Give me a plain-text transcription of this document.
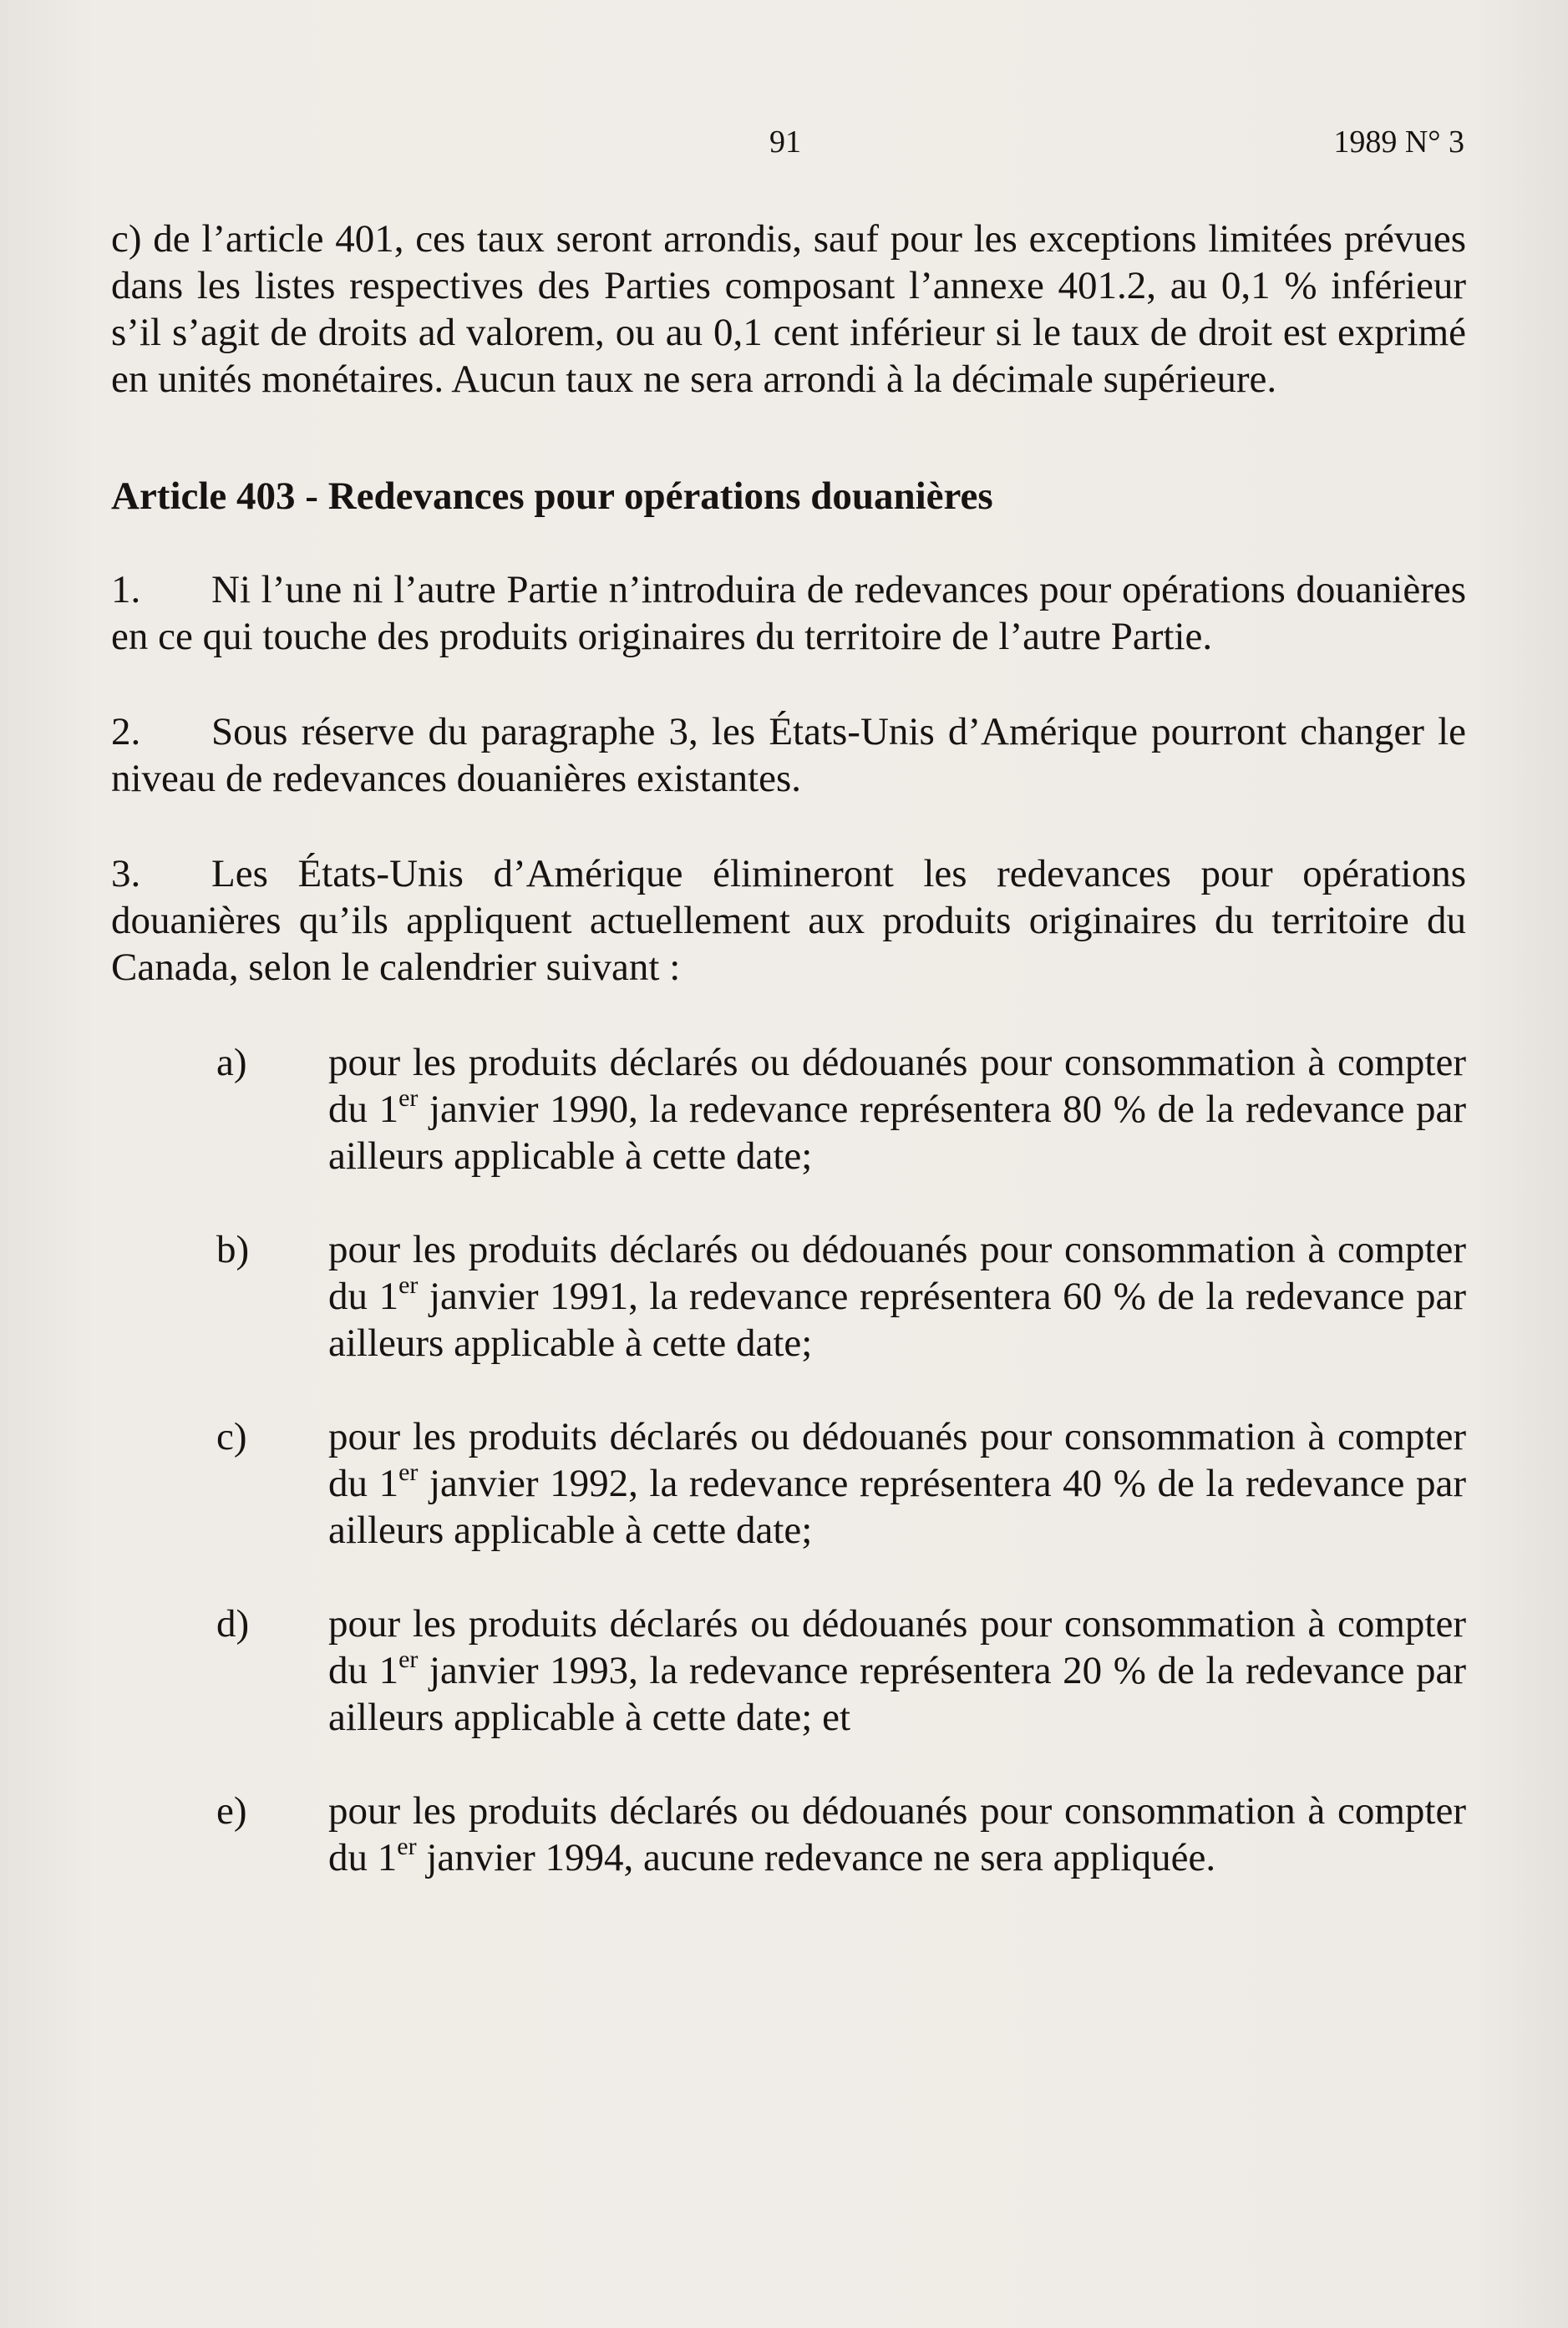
91	1989 N° 3

c) de l’article 401, ces taux seront arrondis, sauf pour les exceptions limitées prévues dans les listes respectives des Parties composant l’annexe 401.2, au 0,1 % inférieur s’il s’agit de droits ad valorem, ou au 0,1 cent inférieur si le taux de droit est exprimé en unités monétaires. Aucun taux ne sera arrondi à la décimale supérieure.

Article 403 - Redevances pour opérations douanières

1. Ni l’une ni l’autre Partie n’introduira de redevances pour opérations douanières en ce qui touche des produits originaires du territoire de l’autre Partie.

2. Sous réserve du paragraphe 3, les États-Unis d’Amérique pourront changer le niveau de redevances douanières existantes.

3. Les États-Unis d’Amérique élimineront les redevances pour opérations douanières qu’ils appliquent actuellement aux produits originaires du territoire du Canada, selon le calendrier suivant :

a) pour les produits déclarés ou dédouanés pour consommation à compter du 1er janvier 1990, la redevance représentera 80 % de la redevance par ailleurs applicable à cette date;
b) pour les produits déclarés ou dédouanés pour consommation à compter du 1er janvier 1991, la redevance représentera 60 % de la redevance par ailleurs applicable à cette date;
c) pour les produits déclarés ou dédouanés pour consommation à compter du 1er janvier 1992, la redevance représentera 40 % de la redevance par ailleurs applicable à cette date;
d) pour les produits déclarés ou dédouanés pour consommation à compter du 1er janvier 1993, la redevance représentera 20 % de la redevance par ailleurs applicable à cette date; et
e) pour les produits déclarés ou dédouanés pour consommation à compter du 1er janvier 1994, aucune redevance ne sera appliquée.
